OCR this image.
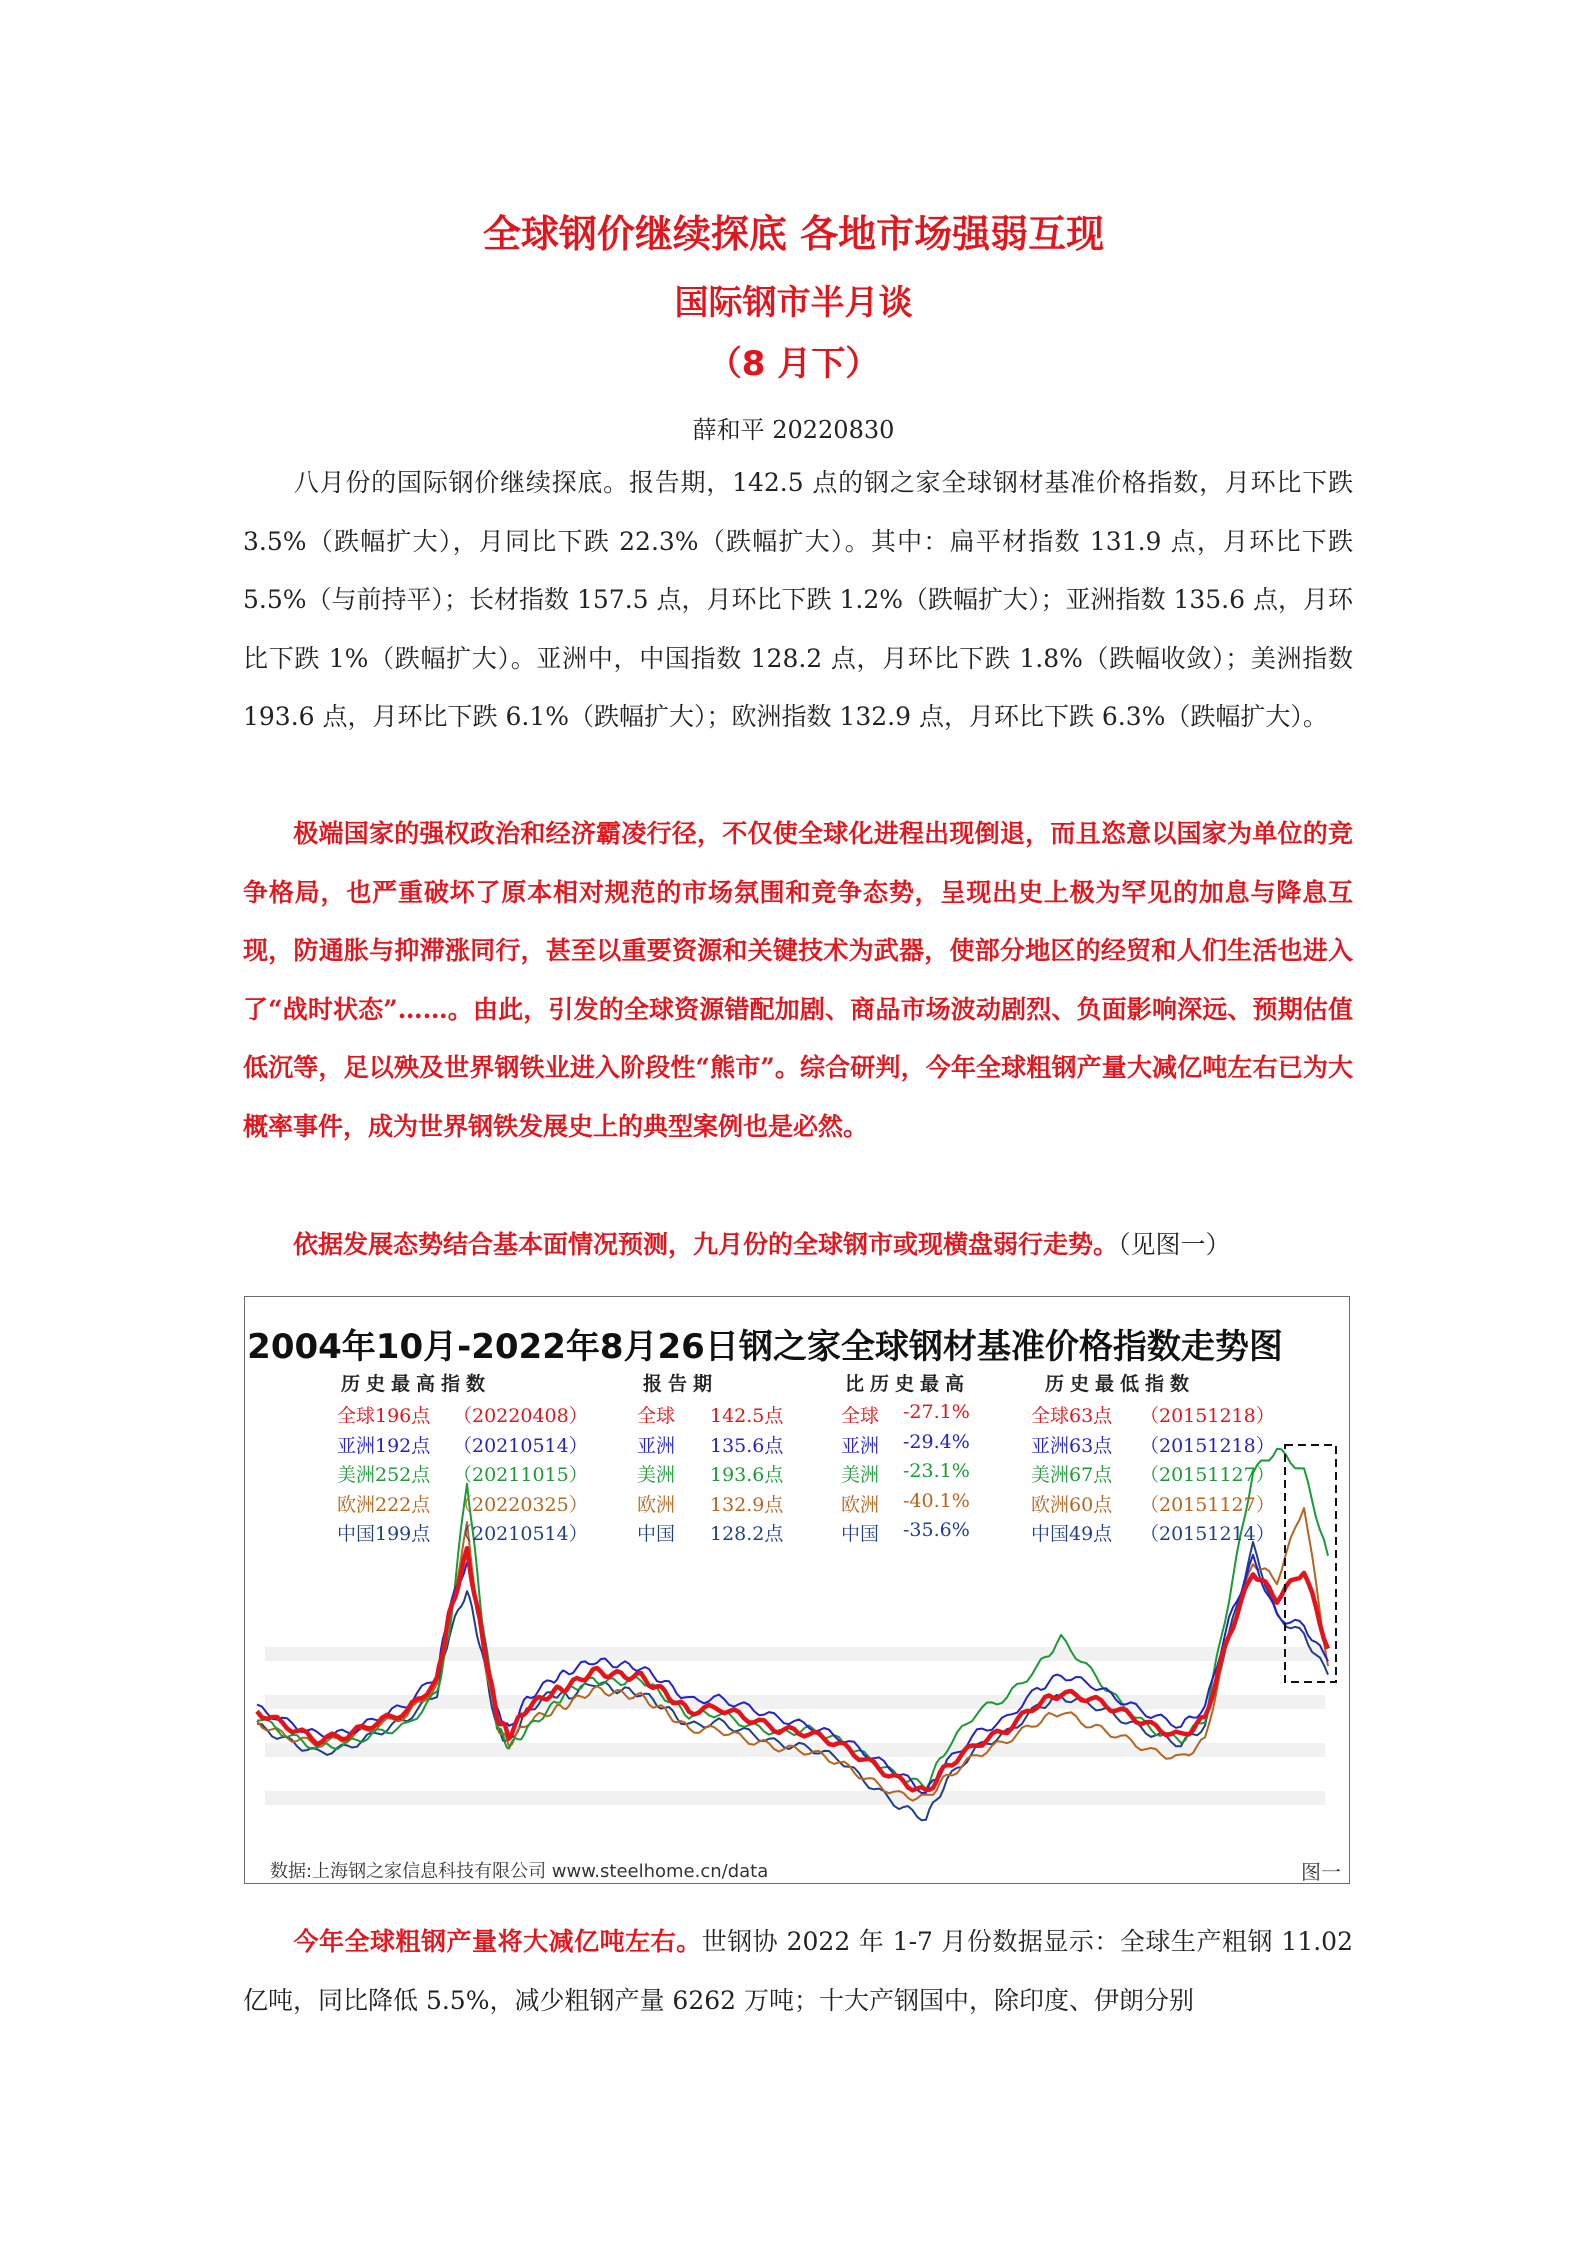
全球钢价继续探底 各地市场强弱互现
国际钢市半月谈
（8 月下）

薛和平 20220830

八月份的国际钢价继续探底。报告期，142.5 点的钢之家全球钢材基准价格指数，月环比下跌 3.5%（跌幅扩大），月同比下跌 22.3%（跌幅扩大）。其中：扁平材指数 131.9 点，月环比下跌 5.5%（与前持平）；长材指数 157.5 点，月环比下跌 1.2%（跌幅扩大）；亚洲指数 135.6 点，月环比下跌 1%（跌幅扩大）。亚洲中，中国指数 128.2 点，月环比下跌 1.8%（跌幅收敛）；美洲指数 193.6 点，月环比下跌 6.1%（跌幅扩大）；欧洲指数 132.9 点，月环比下跌 6.3%（跌幅扩大）。

极端国家的强权政治和经济霸凌行径，不仅使全球化进程出现倒退，而且恣意以国家为单位的竞争格局，也严重破坏了原本相对规范的市场氛围和竞争态势，呈现出史上极为罕见的加息与降息互现，防通胀与抑滞涨同行，甚至以重要资源和关键技术为武器，使部分地区的经贸和人们生活也进入了“战时状态”……。由此，引发的全球资源错配加剧、商品市场波动剧烈、负面影响深远、预期估值低沉等，足以殃及世界钢铁业进入阶段性“熊市”。综合研判，今年全球粗钢产量大减亿吨左右已为大概率事件，成为世界钢铁发展史上的典型案例也是必然。

依据发展态势结合基本面情况预测，九月份的全球钢市或现横盘弱行走势。（见图一）

2004年10月-2022年8月26日钢之家全球钢材基准价格指数走势图
历史最高指数	报告期	比历史最高	历史最低指数
全球196点 （20220408）	全球 142.5点	全球 -27.1%	全球63点 （20151218）
亚洲192点 （20210514）	亚洲 135.6点	亚洲 -29.4%	亚洲63点 （20151218）
美洲252点 （20211015）	美洲 193.6点	美洲 -23.1%	美洲67点 （20151127）
欧洲222点 （20220325）	欧洲 132.9点	欧洲 -40.1%	欧洲60点 （20151127）
中国199点 （20210514）	中国 128.2点	中国 -35.6%	中国49点 （20151214）
数据:上海钢之家信息科技有限公司 www.steelhome.cn/data	图一

今年全球粗钢产量将大减亿吨左右。世钢协 2022 年 1-7 月份数据显示：全球生产粗钢 11.02 亿吨，同比降低 5.5%，减少粗钢产量 6262 万吨；十大产钢国中，除印度、伊朗分别
